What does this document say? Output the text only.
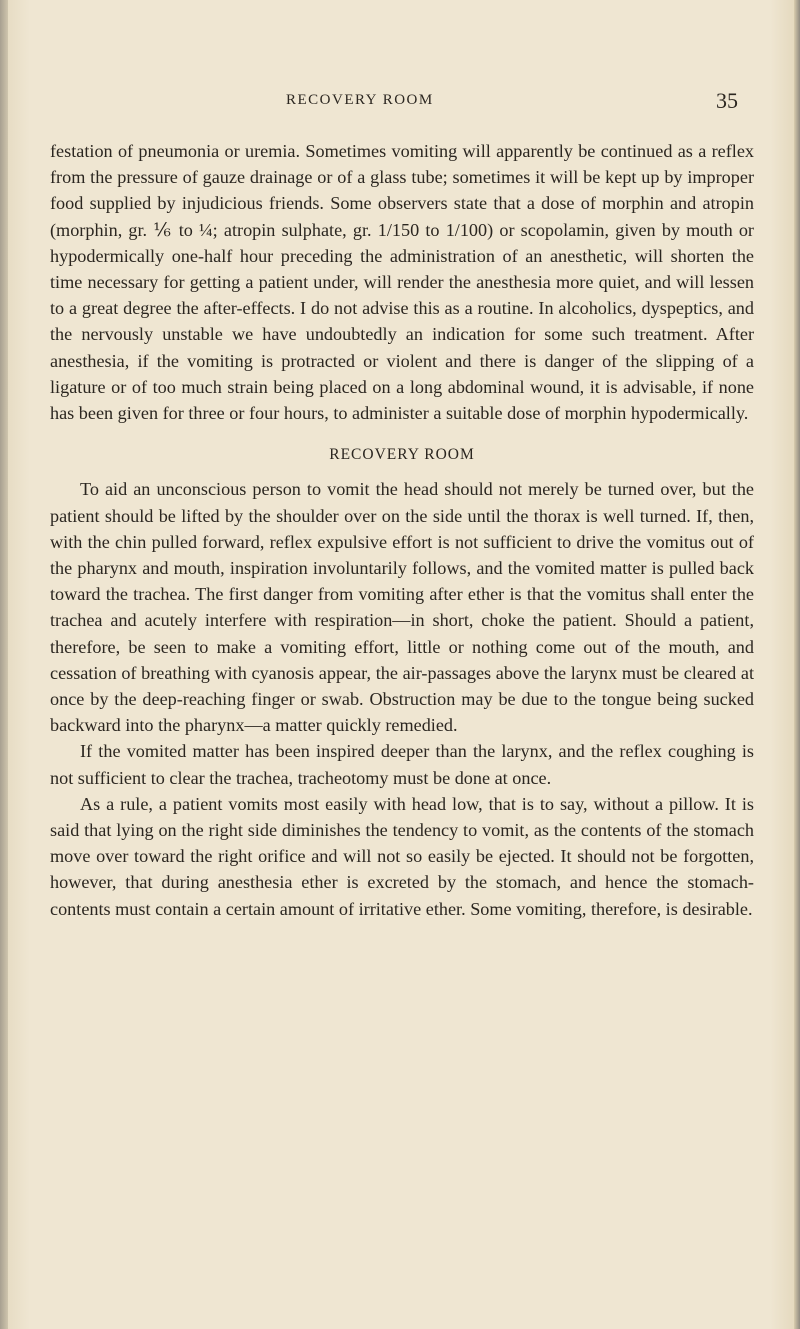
RECOVERY ROOM	35

festation of pneumonia or uremia. Sometimes vomiting will apparently be continued as a reflex from the pressure of gauze drainage or of a glass tube; sometimes it will be kept up by improper food supplied by injudicious friends. Some observers state that a dose of morphin and atropin (morphin, gr. ⅙ to ¼; atropin sulphate, gr. 1/150 to 1/100) or scopolamin, given by mouth or hypodermically one-half hour preceding the administration of an anesthetic, will shorten the time necessary for getting a patient under, will render the anesthesia more quiet, and will lessen to a great degree the after-effects. I do not advise this as a routine. In alcoholics, dyspeptics, and the nervously unstable we have undoubtedly an indication for some such treatment. After anesthesia, if the vomiting is protracted or violent and there is danger of the slipping of a ligature or of too much strain being placed on a long abdominal wound, it is advisable, if none has been given for three or four hours, to administer a suitable dose of morphin hypodermically.

RECOVERY ROOM

To aid an unconscious person to vomit the head should not merely be turned over, but the patient should be lifted by the shoulder over on the side until the thorax is well turned. If, then, with the chin pulled forward, reflex expulsive effort is not sufficient to drive the vomitus out of the pharynx and mouth, inspiration involuntarily follows, and the vomited matter is pulled back toward the trachea. The first danger from vomiting after ether is that the vomitus shall enter the trachea and acutely interfere with respiration—in short, choke the patient. Should a patient, therefore, be seen to make a vomiting effort, little or nothing come out of the mouth, and cessation of breathing with cyanosis appear, the air-passages above the larynx must be cleared at once by the deep-reaching finger or swab. Obstruction may be due to the tongue being sucked backward into the pharynx—a matter quickly remedied.

If the vomited matter has been inspired deeper than the larynx, and the reflex coughing is not sufficient to clear the trachea, tracheotomy must be done at once.

As a rule, a patient vomits most easily with head low, that is to say, without a pillow. It is said that lying on the right side diminishes the tendency to vomit, as the contents of the stomach move over toward the right orifice and will not so easily be ejected. It should not be forgotten, however, that during anesthesia ether is excreted by the stomach, and hence the stomach-contents must contain a certain amount of irritative ether. Some vomiting, therefore, is desirable.
